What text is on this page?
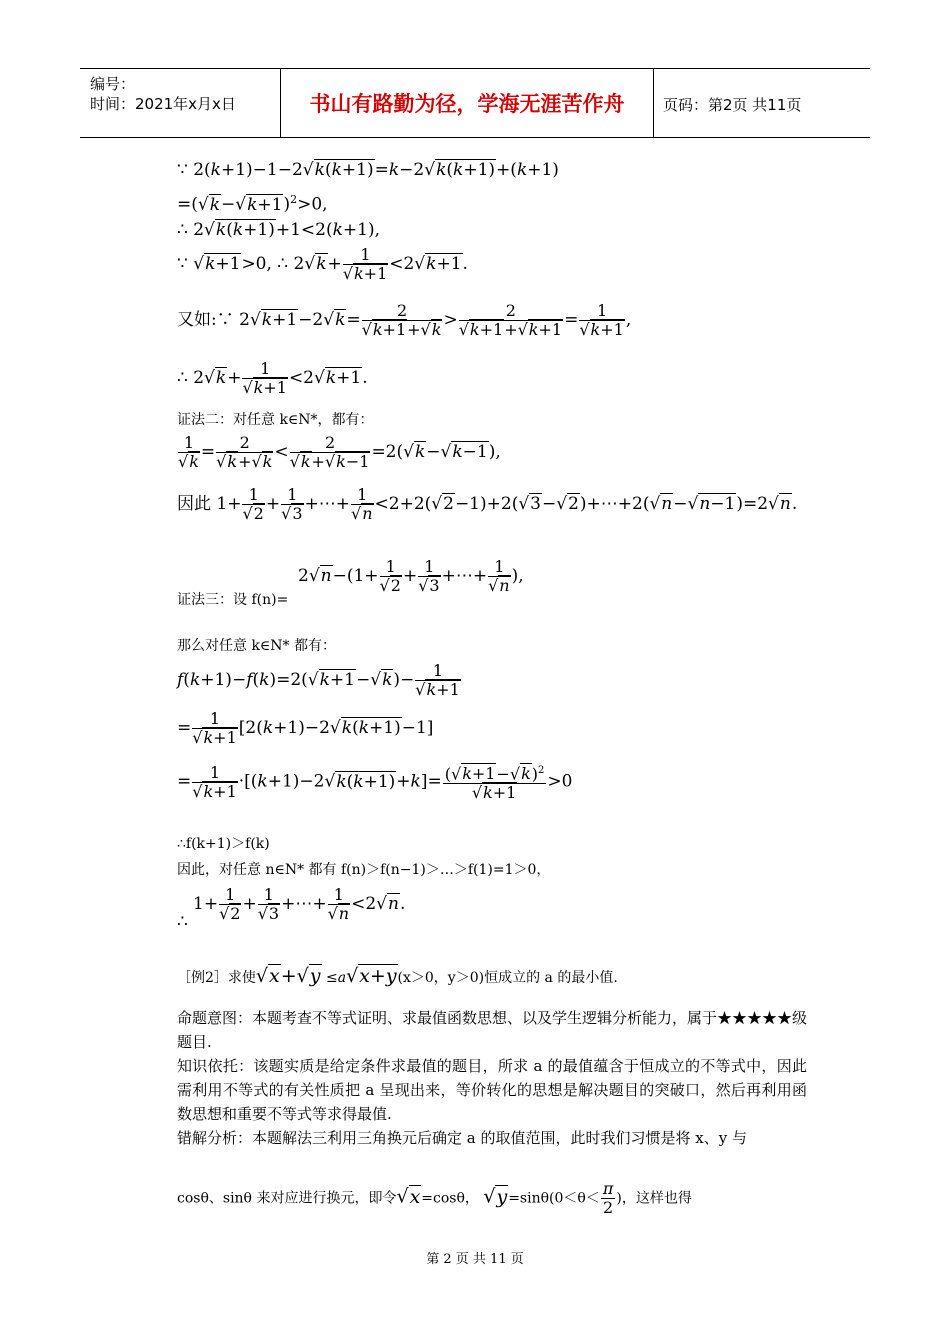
编号：
时间：2021年x月x日	书山有路勤为径，学海无涯苦作舟	页码：第2页 共11页
∵ 2(k+1)−1−2√k(k+1)=k−2√k(k+1)+(k+1)
$=(√k-√k+1)^2>0$,
∴ 2√k(k+1)+1<2(k+1),
∵ √k+1>0, ∴ $2√k+ \frac{1}{√k+1} <2√k+1$.
又如:∵ $2√k+1-2√k= \frac{2}{√k+1+√k} > \frac{2}{√k+1+√k+1} = \frac{1}{√k+1}$ ,
∴ $2√k+ \frac{1}{√k+1} <2√k+1$.
证法二：对任意 k∈N*，都有：
$\frac{1}{√k} = \frac{2}{√k+√k} < \frac{2}{√k+√k-1} =2(√k-√k-1)$,
因此 $1+ \frac{1}{√2} + \frac{1}{√3}$ +⋯+ $\frac{1}{√n}$ <2+2(√2−1)+2(√3−√2)+⋯+2(√n−√n−1)=2√n.
$2√n-(1+ \frac{1}{√2} + \frac{1}{√3}$ +⋯+ $\frac{1}{√n}$ ),
证法三：设 f(n)=
那么对任意 k∈N* 都有：
$f(k+1)-f(k)=2(√k+1-√k)- \frac{1}{√k+1}$
= $\frac{1}{√k+1} [2(k+1)-2√k(k+1)-1]$
= $\frac{1}{√k+1} \cdot[(k+1)-2√k(k+1)+k]= \frac{(√k+1-√k)^2}{√k+1} >0$
∴f(k+1)＞f(k)
因此，对任意 n∈N* 都有 f(n)＞f(n−1)＞…＞f(1)=1＞0，
$1+ \frac{1}{√2} + \frac{1}{√3}$ +⋯+ $\frac{1}{√n} <2√n$.
∴
［例2］求使√x+√y ≤a√x+y(x＞0，y＞0)恒成立的 a 的最小值.
命题意图：本题考查不等式证明、求最值函数思想、以及学生逻辑分析能力，属于★★★★★级题目.
知识依托：该题实质是给定条件求最值的题目，所求 a 的最值蕴含于恒成立的不等式中，因此需利用不等式的有关性质把 a 呈现出来，等价转化的思想是解决题目的突破口，然后再利用函数思想和重要不等式等求得最值.
错解分析：本题解法三利用三角换元后确定 a 的取值范围，此时我们习惯是将 x、y 与
cosθ、sinθ 来对应进行换元，即令√x=cosθ， $√y=\sin\theta(0<\theta< \frac{\pi}{2}$ )，这样也得
第 2 页 共 11 页
